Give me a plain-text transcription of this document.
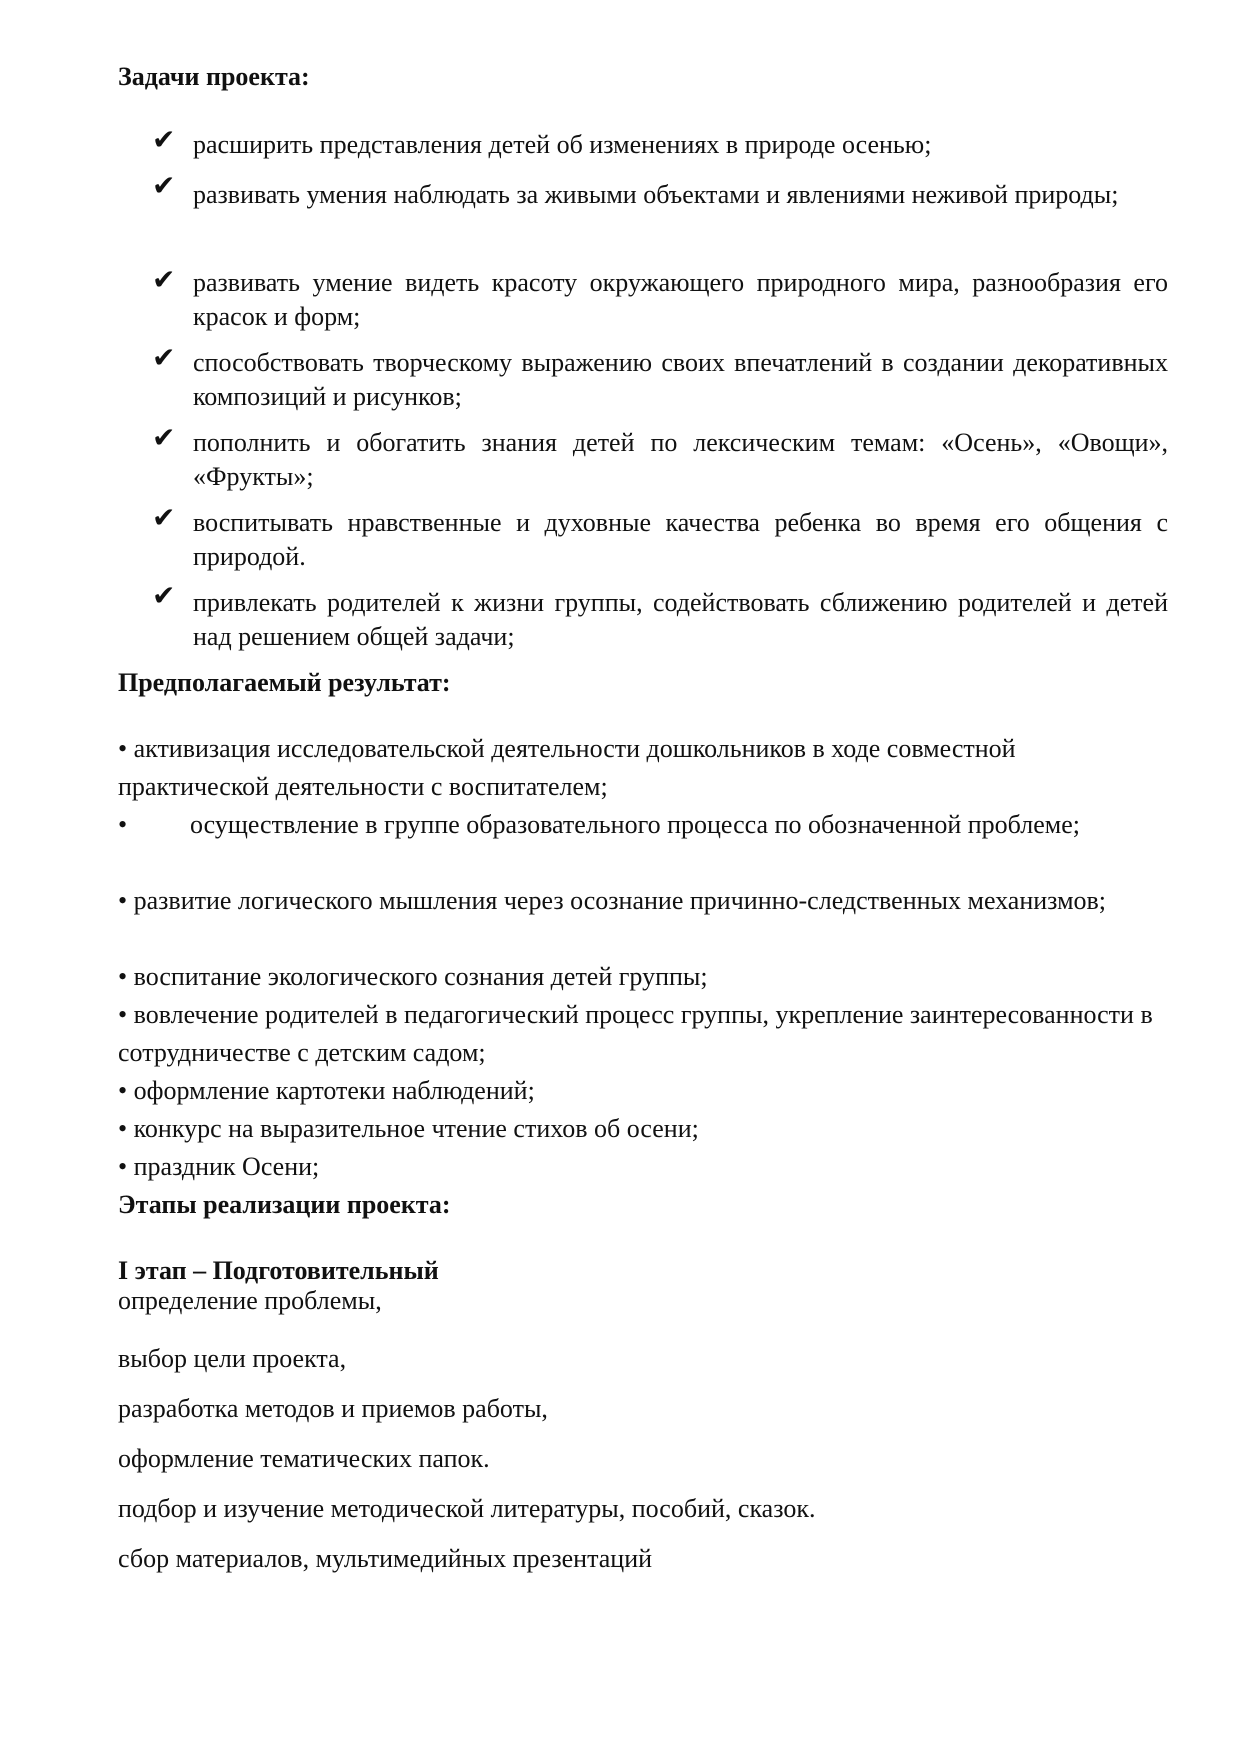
Задачи проекта:
✔ расширить представления детей об изменениях в природе осенью;
✔ развивать умения наблюдать за живыми объектами и явлениями неживой природы;
✔ развивать умение видеть красоту окружающего природного мира, разнообразия его красок и форм;
✔ способствовать творческому выражению своих впечатлений в создании декоративных композиций и рисунков;
✔ пополнить и обогатить знания детей по лексическим темам: «Осень», «Овощи», «Фрукты»;
✔ воспитывать нравственные и духовные качества ребенка во время его общения с природой.
✔ привлекать родителей к жизни группы, содействовать сближению родителей и детей над решением общей задачи;
Предполагаемый результат:
• активизация исследовательской деятельности дошкольников в ходе совместной практической деятельности с воспитателем;
• осуществление в группе образовательного процесса по обозначенной проблеме;
• развитие логического мышления через осознание причинно-следственных механизмов;
• воспитание экологического сознания детей группы;
• вовлечение родителей в педагогический процесс группы, укрепление заинтересованности в сотрудничестве с детским садом;
• оформление картотеки наблюдений;
• конкурс на выразительное чтение стихов об осени;
• праздник Осени;
Этапы реализации проекта:
I этап – Подготовительный
определение проблемы,
выбор цели проекта,
разработка методов и приемов работы,
оформление тематических папок.
подбор и изучение методической литературы, пособий, сказок.
сбор материалов, мультимедийных презентаций
